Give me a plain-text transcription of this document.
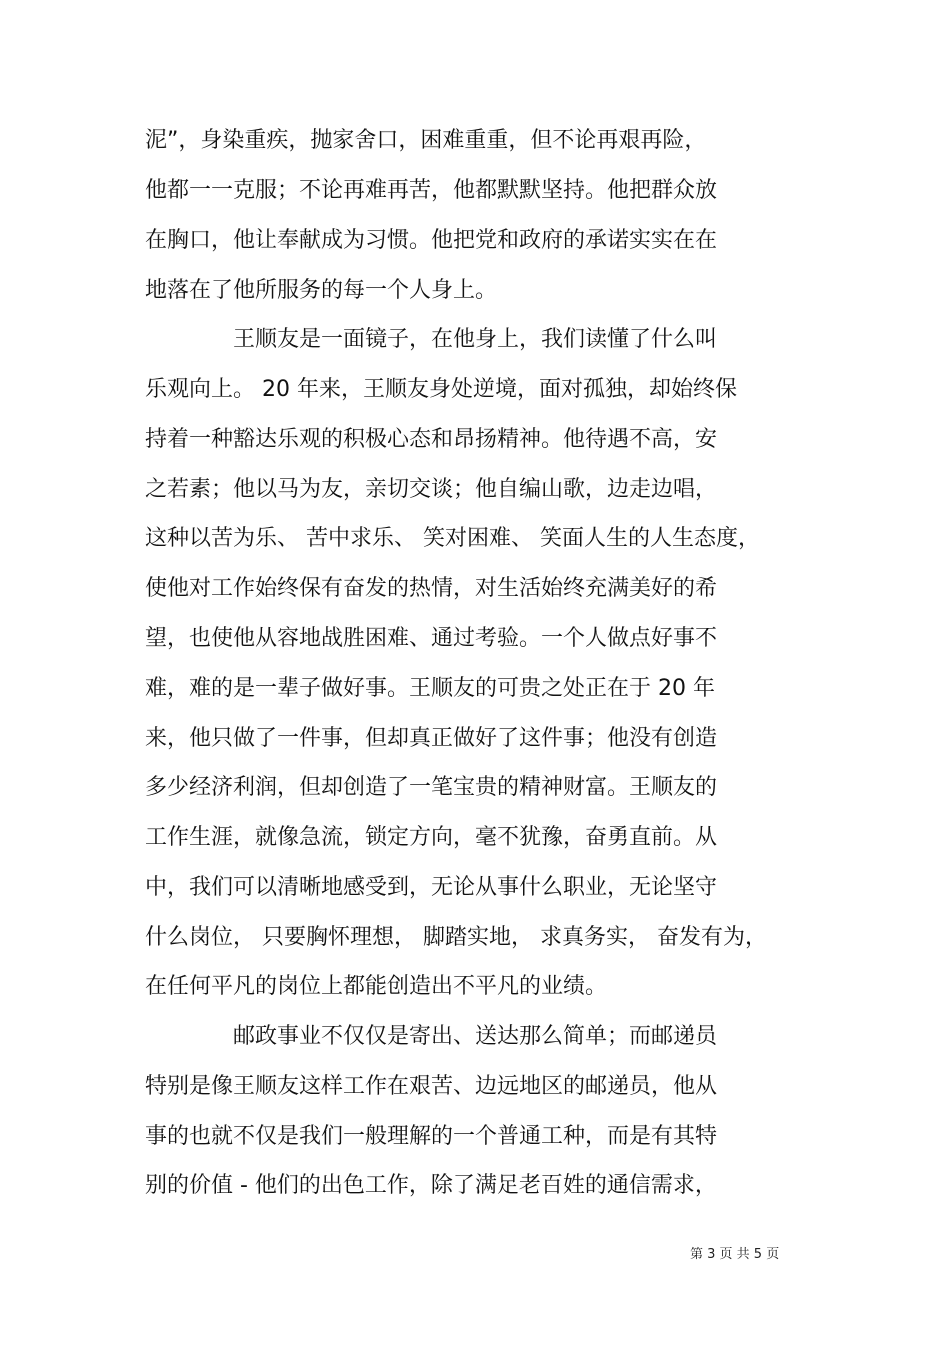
泥”，身染重疾，抛家舍口，困难重重，但不论再艰再险，

他都一一克服；不论再难再苦，他都默默坚持。他把群众放

在胸口，他让奉献成为习惯。他把党和政府的承诺实实在在

地落在了他所服务的每一个人身上。

王顺友是一面镜子，在他身上，我们读懂了什么叫

乐观向上。 20 年来，王顺友身处逆境，面对孤独，却始终保

持着一种豁达乐观的积极心态和昂扬精神。他待遇不高，安

之若素；他以马为友，亲切交谈；他自编山歌，边走边唱，

这种以苦为乐、 苦中求乐、 笑对困难、 笑面人生的人生态度，

使他对工作始终保有奋发的热情，对生活始终充满美好的希

望，也使他从容地战胜困难、通过考验。一个人做点好事不

难，难的是一辈子做好事。王顺友的可贵之处正在于 20 年

来，他只做了一件事，但却真正做好了这件事；他没有创造

多少经济利润，但却创造了一笔宝贵的精神财富。王顺友的

工作生涯，就像急流，锁定方向，毫不犹豫，奋勇直前。从

中，我们可以清晰地感受到，无论从事什么职业，无论坚守

什么岗位， 只要胸怀理想， 脚踏实地， 求真务实， 奋发有为，

在任何平凡的岗位上都能创造出不平凡的业绩。

邮政事业不仅仅是寄出、送达那么简单；而邮递员

特别是像王顺友这样工作在艰苦、边远地区的邮递员，他从

事的也就不仅是我们一般理解的一个普通工种，而是有其特

别的价值 - 他们的出色工作，除了满足老百姓的通信需求，

第 3 页 共 5 页
